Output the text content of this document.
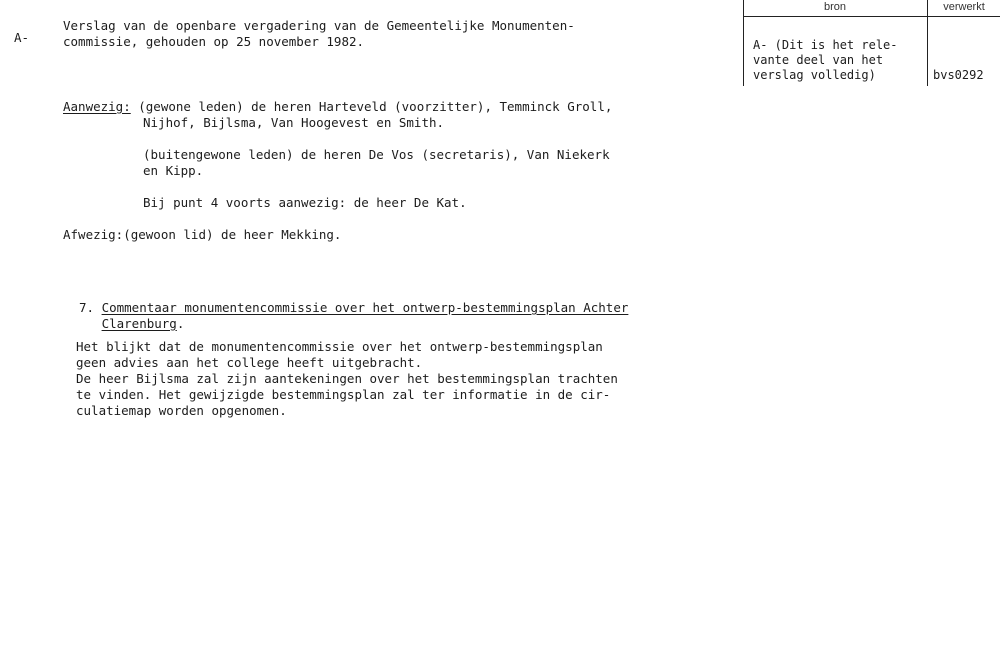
A-
Verslag van de openbare vergadering van de Gemeentelijke Monumenten-
commissie, gehouden op 25 november 1982.
Aanwezig: (gewone leden) de heren Harteveld (voorzitter), Temminck Groll,
Nijhof, Bijlsma, Van Hoogevest en Smith.
(buitengewone leden) de heren De Vos (secretaris), Van Niekerk
en Kipp.
Bij punt 4 voorts aanwezig: de heer De Kat.
Afwezig:(gewoon lid) de heer Mekking.
7. Commentaar monumentencommissie over het ontwerp-bestemmingsplan Achter
Clarenburg.
Het blijkt dat de monumentencommissie over het ontwerp-bestemmingsplan
geen advies aan het college heeft uitgebracht.
De heer Bijlsma zal zijn aantekeningen over het bestemmingsplan trachten
te vinden. Het gewijzigde bestemmingsplan zal ter informatie in de cir-
culatiemap worden opgenomen.
bron	verwerkt
A- (Dit is het rele-
vante deel van het
verslag volledig)	bvs0292
